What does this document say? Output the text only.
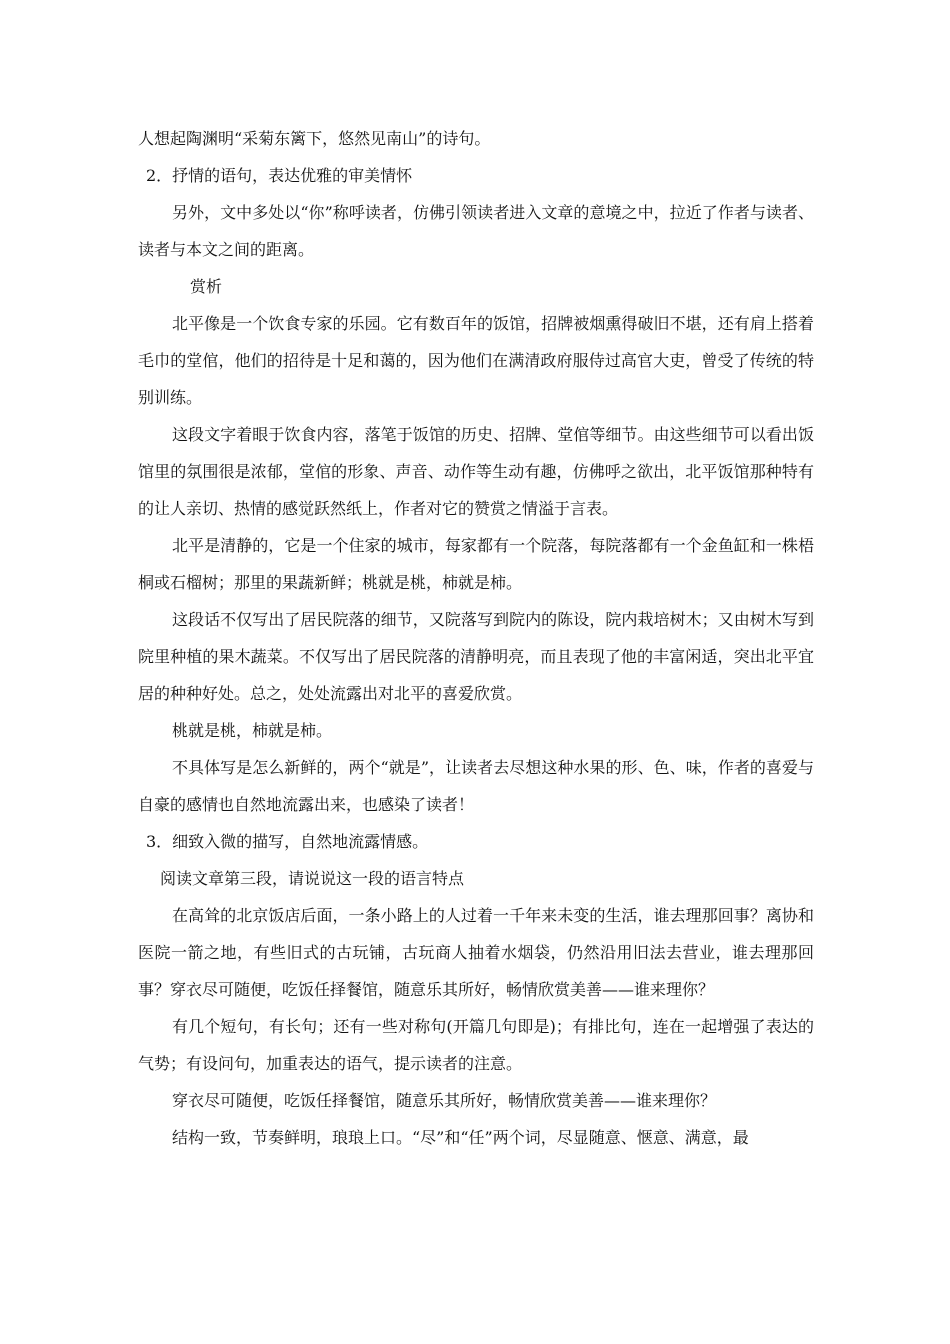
人想起陶渊明“采菊东篱下，悠然见南山”的诗句。

2．抒情的语句，表达优雅的审美情怀

另外，文中多处以“你”称呼读者，仿佛引领读者进入文章的意境之中，拉近了作者与读者、读者与本文之间的距离。

赏析

北平像是一个饮食专家的乐园。它有数百年的饭馆，招牌被烟熏得破旧不堪，还有肩上搭着毛巾的堂倌，他们的招待是十足和蔼的，因为他们在满清政府服侍过高官大吏，曾受了传统的特别训练。

这段文字着眼于饮食内容，落笔于饭馆的历史、招牌、堂倌等细节。由这些细节可以看出饭馆里的氛围很是浓郁，堂倌的形象、声音、动作等生动有趣，仿佛呼之欲出，北平饭馆那种特有的让人亲切、热情的感觉跃然纸上，作者对它的赞赏之情溢于言表。

北平是清静的，它是一个住家的城市，每家都有一个院落，每院落都有一个金鱼缸和一株梧桐或石榴树；那里的果蔬新鲜；桃就是桃，柿就是柿。

这段话不仅写出了居民院落的细节，又院落写到院内的陈设，院内栽培树木；又由树木写到院里种植的果木蔬菜。不仅写出了居民院落的清静明亮，而且表现了他的丰富闲适，突出北平宜居的种种好处。总之，处处流露出对北平的喜爱欣赏。

桃就是桃，柿就是柿。

不具体写是怎么新鲜的，两个“就是”，让读者去尽想这种水果的形、色、味，作者的喜爱与自豪的感情也自然地流露出来，也感染了读者！

3．细致入微的描写，自然地流露情感。

阅读文章第三段，请说说这一段的语言特点

在高耸的北京饭店后面，一条小路上的人过着一千年来未变的生活，谁去理那回事？离协和医院一箭之地，有些旧式的古玩铺，古玩商人抽着水烟袋，仍然沿用旧法去营业，谁去理那回事？穿衣尽可随便，吃饭任择餐馆，随意乐其所好，畅情欣赏美善——谁来理你？

有几个短句，有长句；还有一些对称句(开篇几句即是)；有排比句，连在一起增强了表达的气势；有设问句，加重表达的语气，提示读者的注意。

穿衣尽可随便，吃饭任择餐馆，随意乐其所好，畅情欣赏美善——谁来理你？

结构一致，节奏鲜明，琅琅上口。“尽”和“任”两个词，尽显随意、惬意、满意，最
